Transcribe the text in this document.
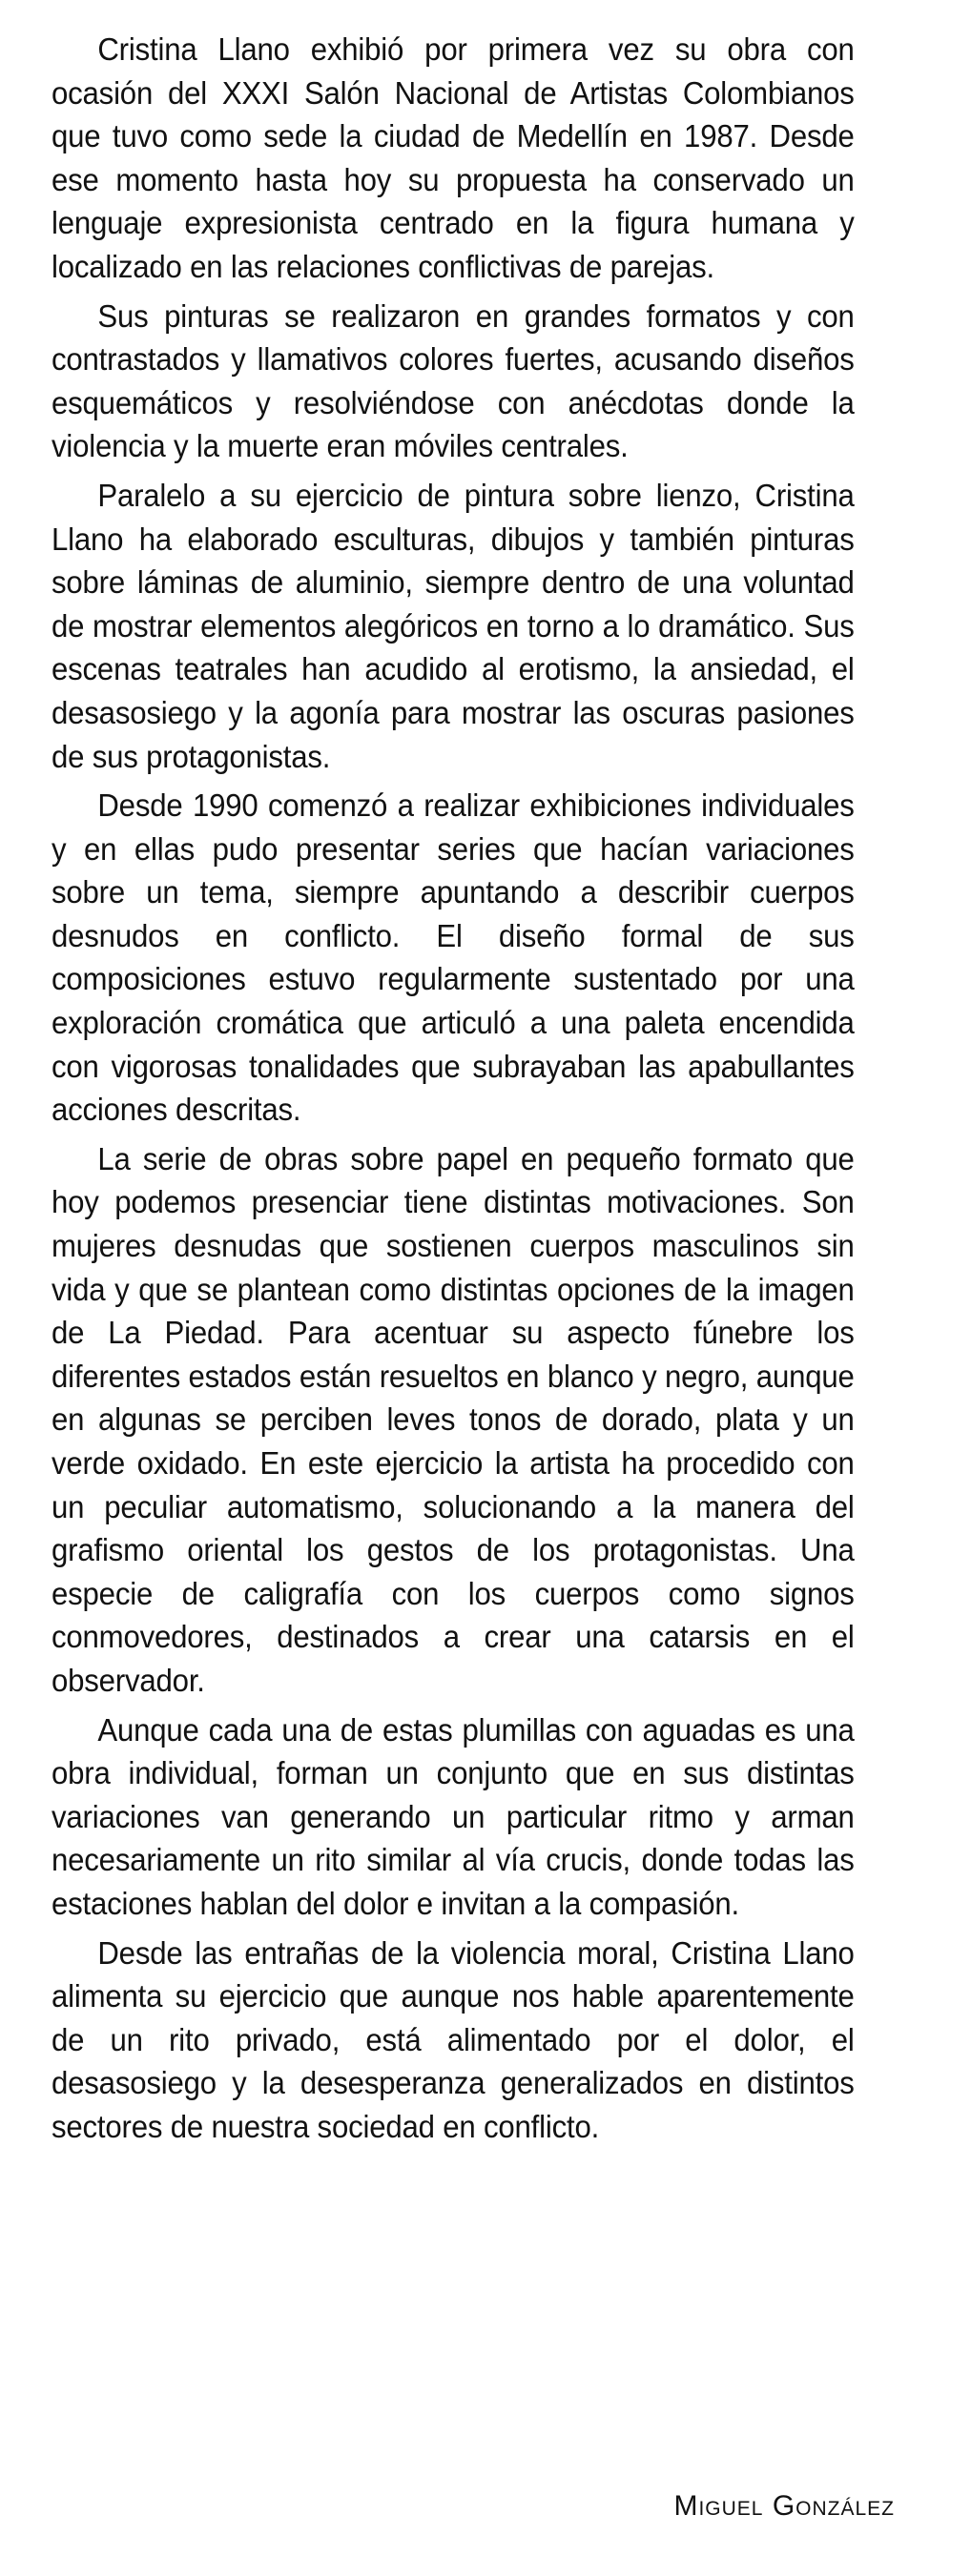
Cristina Llano exhibió por primera vez su obra con ocasión del XXXI Salón Nacional de Artistas Colombianos que tuvo como sede la ciudad de Medellín en 1987. Desde ese momento hasta hoy su propuesta ha conservado un lenguaje expresionista centrado en la figura humana y localizado en las relaciones conflictivas de parejas.

Sus pinturas se realizaron en grandes formatos y con contrastados y llamativos colores fuertes, acusando diseños esquemáticos y resolviéndose con anécdotas donde la violencia y la muerte eran móviles centrales.

Paralelo a su ejercicio de pintura sobre lienzo, Cristina Llano ha elaborado esculturas, dibujos y también pinturas sobre láminas de aluminio, siempre dentro de una voluntad de mostrar elementos alegóricos en torno a lo dramático. Sus escenas teatrales han acudido al erotismo, la ansiedad, el desasosiego y la agonía para mostrar las oscuras pasiones de sus protagonistas.

Desde 1990 comenzó a realizar exhibiciones individuales y en ellas pudo presentar series que hacían variaciones sobre un tema, siempre apuntando a describir cuerpos desnudos en conflicto. El diseño formal de sus composiciones estuvo regularmente sustentado por una exploración cromática que articuló a una paleta encendida con vigorosas tonalidades que subrayaban las apabullantes acciones descritas.

La serie de obras sobre papel en pequeño formato que hoy podemos presenciar tiene distintas motivaciones. Son mujeres desnudas que sostienen cuerpos masculinos sin vida y que se plantean como distintas opciones de la imagen de La Piedad. Para acentuar su aspecto fúnebre los diferentes estados están resueltos en blanco y negro, aunque en algunas se perciben leves tonos de dorado, plata y un verde oxidado. En este ejercicio la artista ha procedido con un peculiar automatismo, solucionando a la manera del grafismo oriental los gestos de los protagonistas. Una especie de caligrafía con los cuerpos como signos conmovedores, destinados a crear una catarsis en el observador.

Aunque cada una de estas plumillas con aguadas es una obra individual, forman un conjunto que en sus distintas variaciones van generando un particular ritmo y arman necesariamente un rito similar al vía crucis, donde todas las estaciones hablan del dolor e invitan a la compasión.

Desde las entrañas de la violencia moral, Cristina Llano alimenta su ejercicio que aunque nos hable aparentemente de un rito privado, está alimentado por el dolor, el desasosiego y la desesperanza generalizados en distintos sectores de nuestra sociedad en conflicto.

Miguel González
